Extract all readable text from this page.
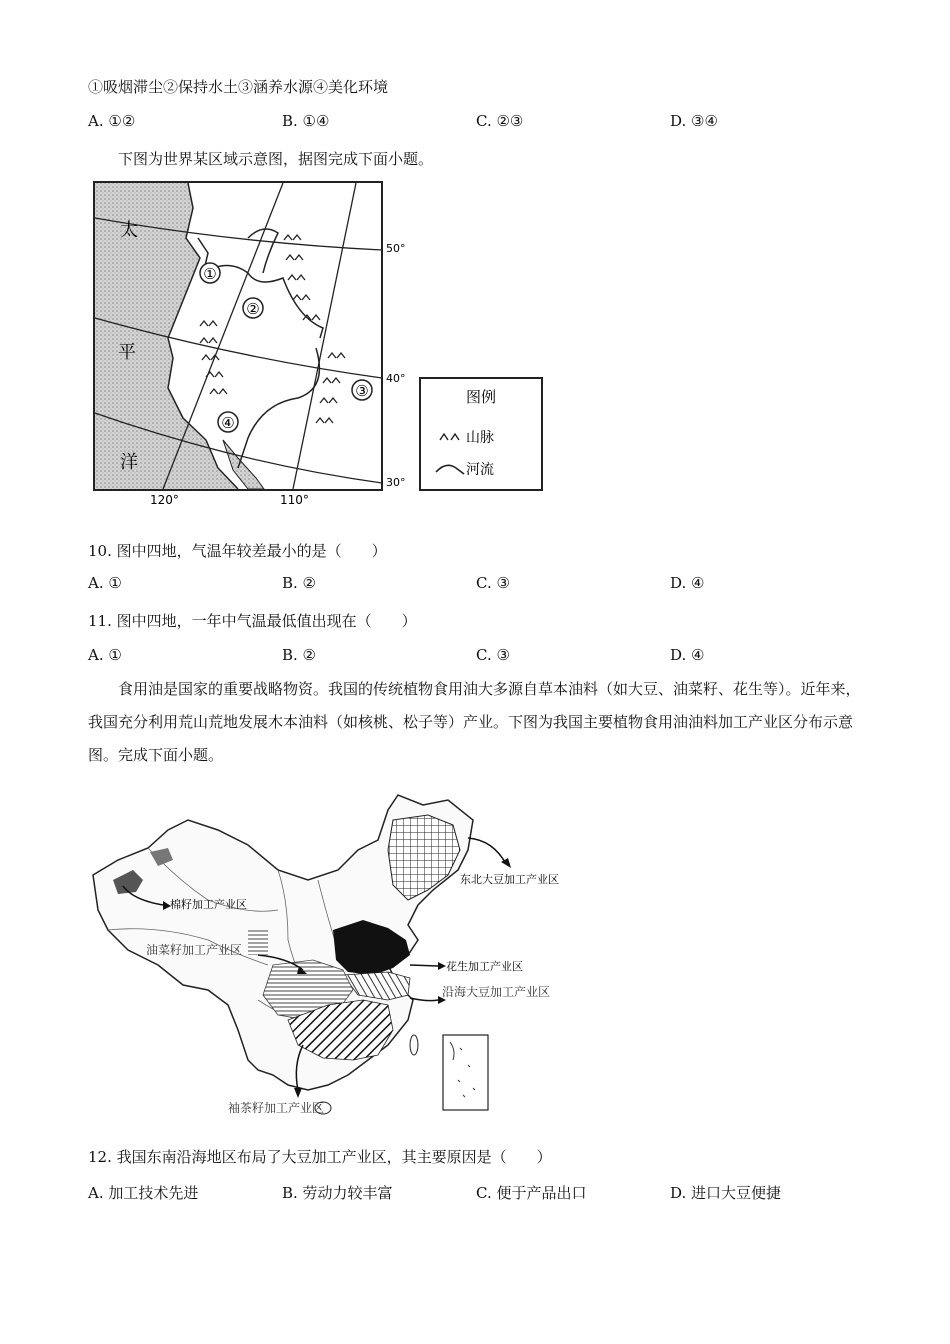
①吸烟滞尘②保持水土③涵养水源④美化环境
A. ①②	B. ①④	C. ②③	D. ③④
下图为世界某区域示意图，据图完成下面小题。
太
平
洋
①
②
③
④
50°
40°
30°
120°	110°
图例
山脉
河流
10. 图中四地，气温年较差最小的是（　　）
A. ①	B. ②	C. ③	D. ④
11. 图中四地，一年中气温最低值出现在（　　）
A. ①	B. ②	C. ③	D. ④
食用油是国家的重要战略物资。我国的传统植物食用油大多源自草本油料（如大豆、油菜籽、花生等）。近年来，我国充分利用荒山荒地发展木本油料（如核桃、松子等）产业。下图为我国主要植物食用油油料加工产业区分布示意图。完成下面小题。
棉籽加工产业区
油菜籽加工产业区
东北大豆加工产业区
花生加工产业区
沿海大豆加工产业区
袖茶籽加工产业区
12. 我国东南沿海地区布局了大豆加工产业区，其主要原因是（　　）
A. 加工技术先进	B. 劳动力较丰富	C. 便于产品出口	D. 进口大豆便捷
